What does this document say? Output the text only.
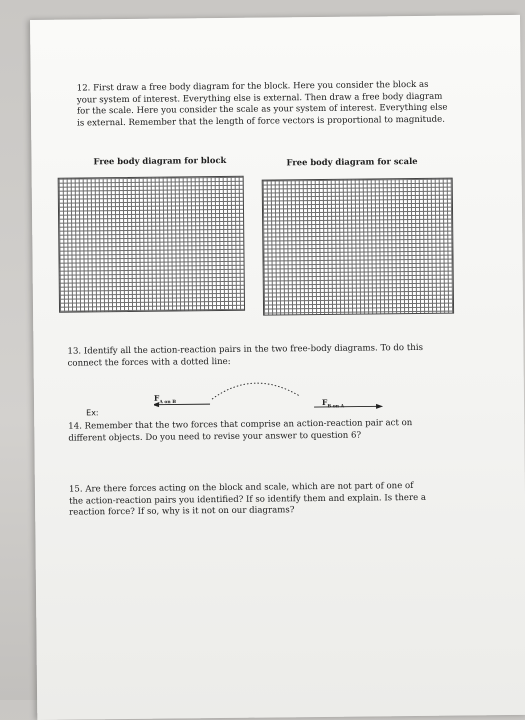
12. First draw a free body diagram for the block. Here you consider the block as your system of interest. Everything else is external. Then draw a free body diagram for the scale. Here you consider the scale as your system of interest. Everything else is external. Remember that the length of force vectors is proportional to magnitude.
Free body diagram for block	Free body diagram for scale
13. Identify all the action-reaction pairs in the two free-body diagrams. To do this connect the forces with a dotted line:
Ex:
$F_{A on B}$	$F_{B on A}$
14. Remember that the two forces that comprise an action-reaction pair act on different objects. Do you need to revise your answer to question 6?
15. Are there forces acting on the block and scale, which are not part of one of the action-reaction pairs you identified? If so identify them and explain. Is there a reaction force? If so, why is it not on our diagrams?
